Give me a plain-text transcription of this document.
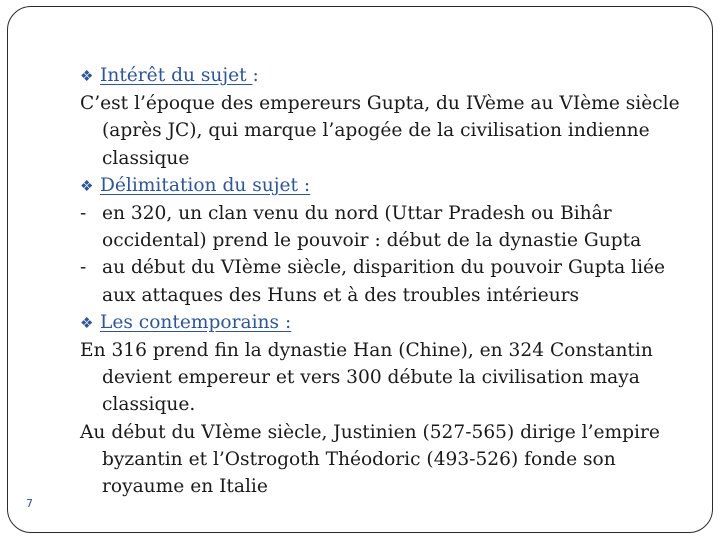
❖ Intérêt du sujet :

C’est l’époque des empereurs Gupta, du IVème au VIème siècle (après JC), qui marque l’apogée de la civilisation indienne classique

❖ Délimitation du sujet :

- en 320, un clan venu du nord (Uttar Pradesh ou Bihâr occidental) prend le pouvoir : début de la dynastie Gupta

- au début du VIème siècle, disparition du pouvoir Gupta liée aux attaques des Huns et à des troubles intérieurs

❖ Les contemporains :

En 316 prend fin la dynastie Han (Chine), en 324 Constantin devient empereur et vers 300 débute la civilisation maya classique.

Au début du VIème siècle, Justinien (527-565) dirige l’empire byzantin et l’Ostrogoth Théodoric (493-526) fonde son royaume en Italie

7
